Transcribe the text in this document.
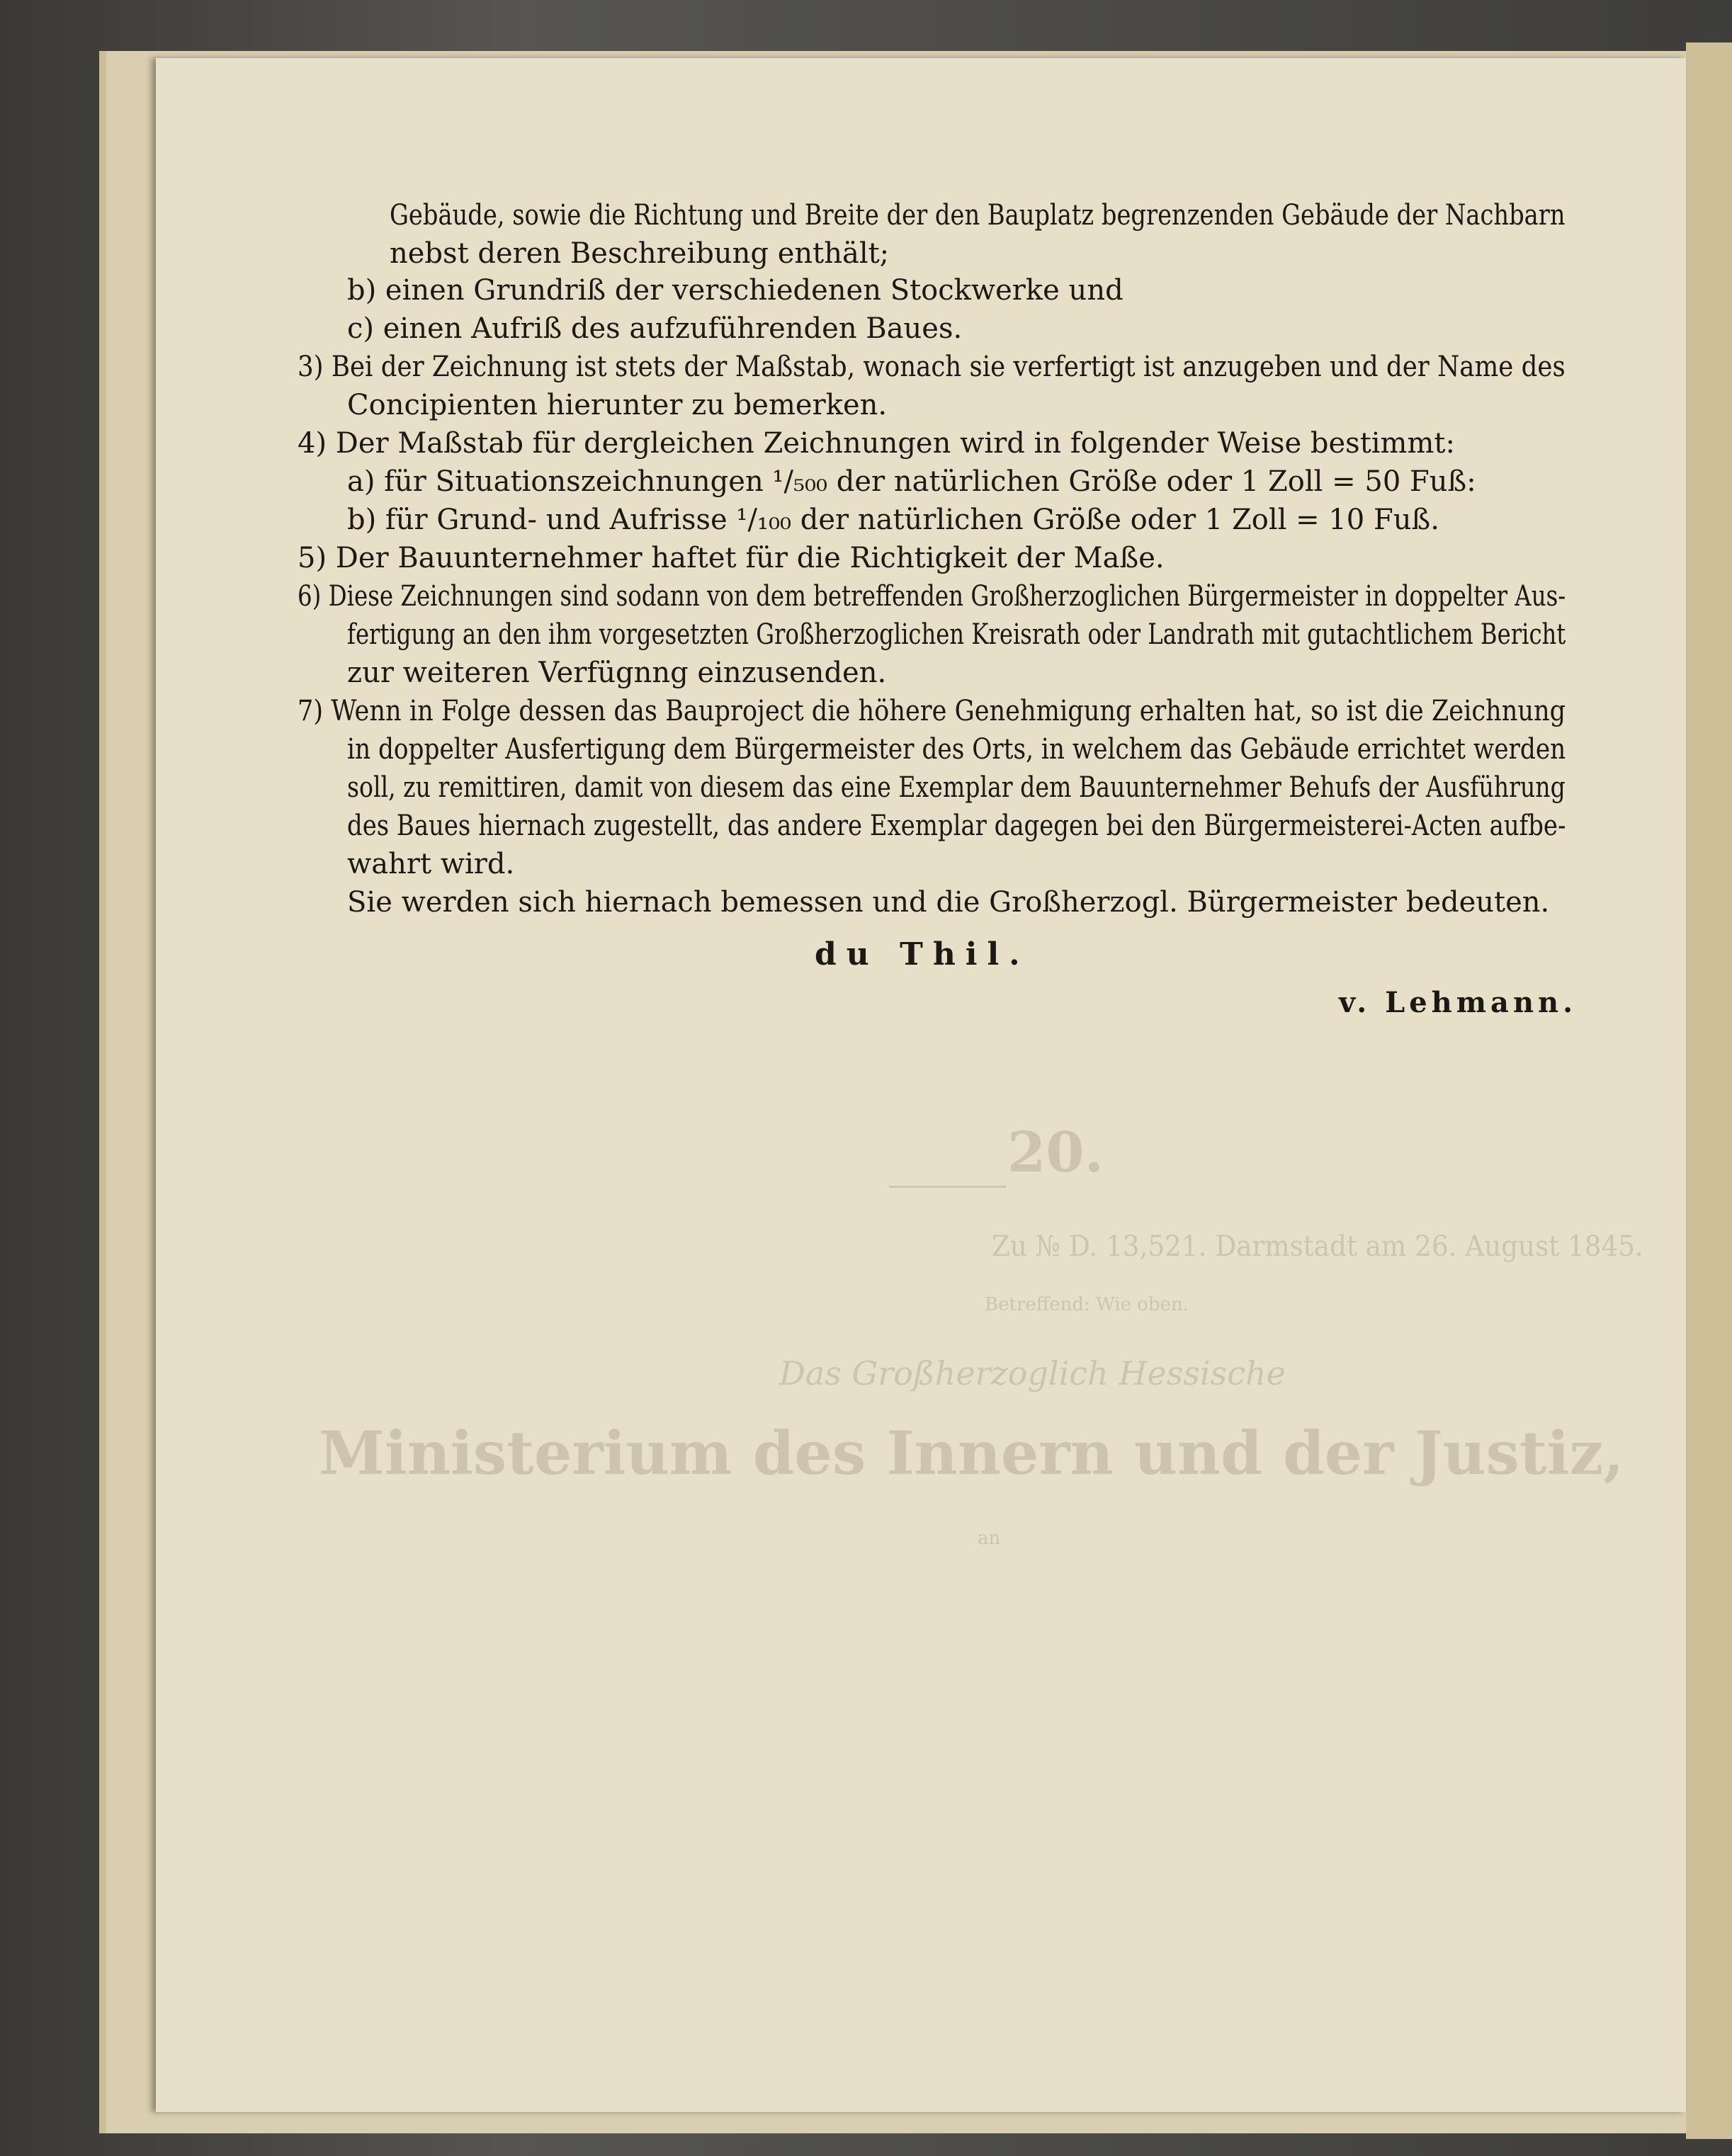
20.
Zu № D. 13,521. Darmstadt am 26. August 1845.
Betreffend: Wie oben.
Das Großherzoglich Hessische
Ministerium des Innern und der Justiz,
an
Gebäude, sowie die Richtung und Breite der den Bauplatz begrenzenden Gebäude der Nachbarn
nebst deren Beschreibung enthält;
b) einen Grundriß der verschiedenen Stockwerke und
c) einen Aufriß des aufzuführenden Baues.
3) Bei der Zeichnung ist stets der Maßstab, wonach sie verfertigt ist anzugeben und der Name des
Concipienten hierunter zu bemerken.
4) Der Maßstab für dergleichen Zeichnungen wird in folgender Weise bestimmt:
a) für Situationszeichnungen ¹/₅₀₀ der natürlichen Größe oder 1 Zoll = 50 Fuß:
b) für Grund- und Aufrisse ¹/₁₀₀ der natürlichen Größe oder 1 Zoll = 10 Fuß.
5) Der Bauunternehmer haftet für die Richtigkeit der Maße.
6) Diese Zeichnungen sind sodann von dem betreffenden Großherzoglichen Bürgermeister in doppelter Aus-
fertigung an den ihm vorgesetzten Großherzoglichen Kreisrath oder Landrath mit gutachtlichem Bericht
zur weiteren Verfügnng einzusenden.
7) Wenn in Folge dessen das Bauproject die höhere Genehmigung erhalten hat, so ist die Zeichnung
in doppelter Ausfertigung dem Bürgermeister des Orts, in welchem das Gebäude errichtet werden
soll, zu remittiren, damit von diesem das eine Exemplar dem Bauunternehmer Behufs der Ausführung
des Baues hiernach zugestellt, das andere Exemplar dagegen bei den Bürgermeisterei-Acten aufbe-
wahrt wird.
Sie werden sich hiernach bemessen und die Großherzogl. Bürgermeister bedeuten.
du Thil.
v. Lehmann.
